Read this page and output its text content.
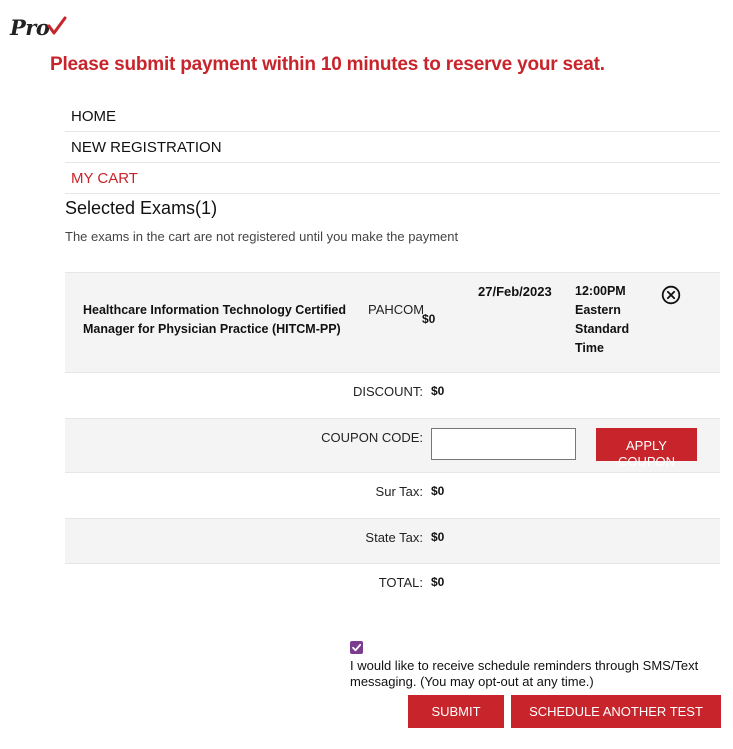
Pro
Please submit payment within 10 minutes to reserve your seat.
HOME
NEW REGISTRATION
MY CART
Selected Exams(1)
The exams in the cart are not registered until you make the payment
Healthcare Information Technology Certified Manager for Physician Practice (HITCM-PP)
PAHCOM
$0
27/Feb/2023 12:00PM Eastern Standard Time
DISCOUNT: $0
COUPON CODE:
APPLY COUPON
Sur Tax: $0
State Tax: $0
TOTAL: $0
I would like to receive schedule reminders through SMS/Text messaging. (You may opt-out at any time.)
SUBMIT	SCHEDULE ANOTHER TEST
